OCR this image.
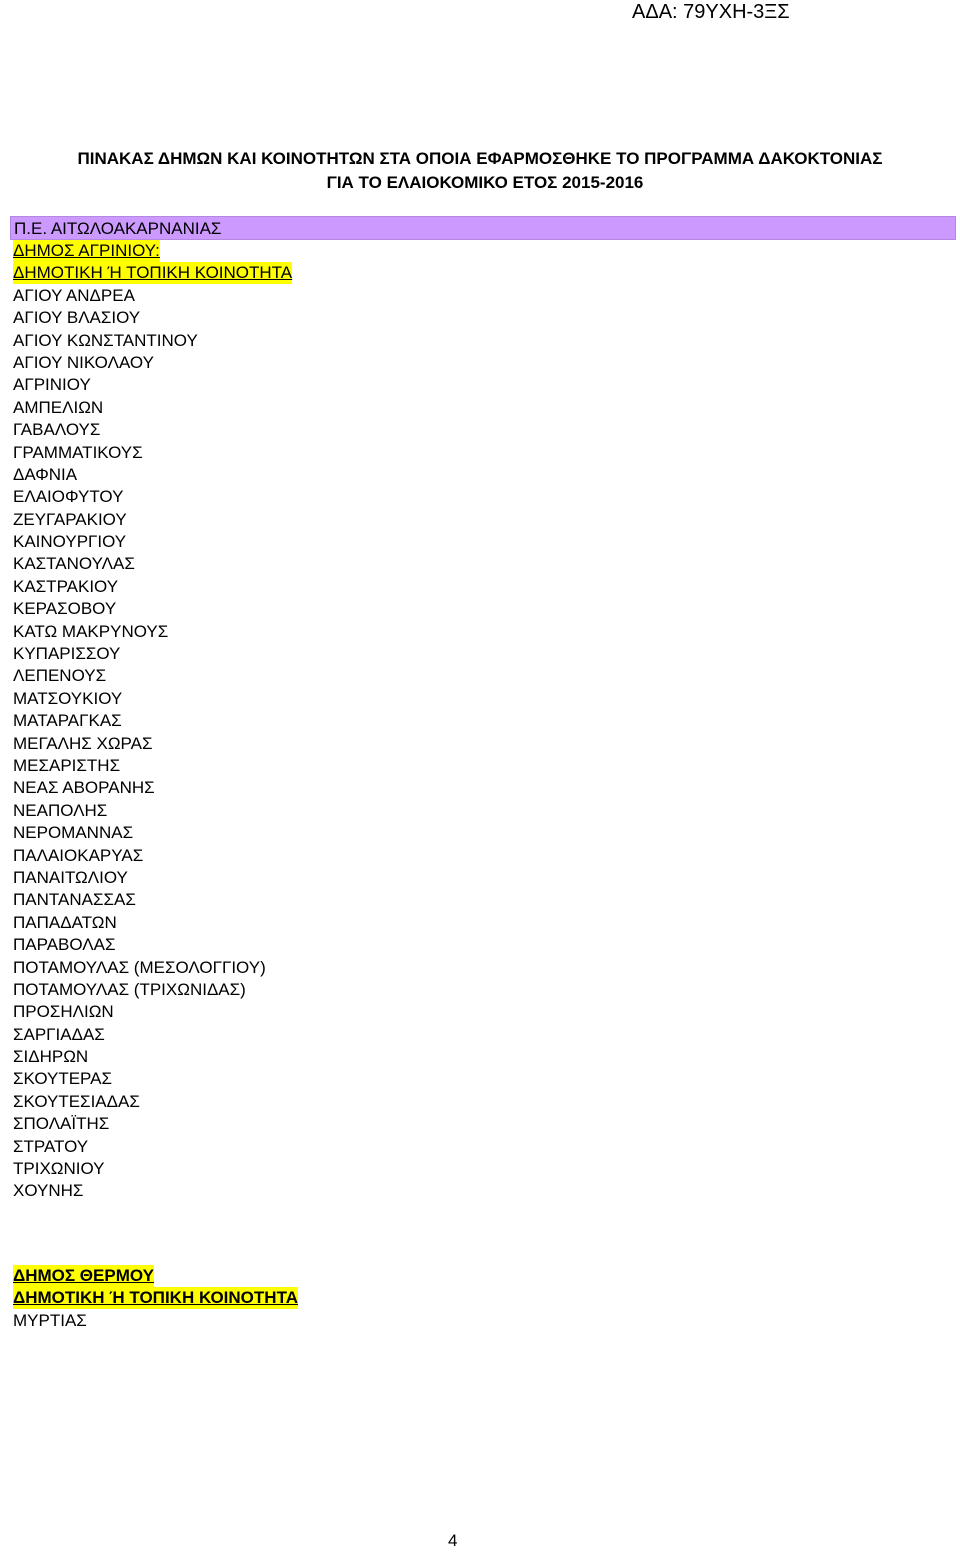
ΑΔΑ: 79ΥΧΗ-3ΞΣ
ΠΙΝΑΚΑΣ ΔΗΜΩΝ ΚΑΙ ΚΟΙΝΟΤΗΤΩΝ ΣΤΑ ΟΠΟΙΑ ΕΦΑΡΜΟΣΘΗΚΕ ΤΟ ΠΡΟΓΡΑΜΜΑ ΔΑΚΟΚΤΟΝΙΑΣ
ΓΙΑ ΤΟ ΕΛΑΙΟΚΟΜΙΚΟ ΕΤΟΣ 2015-2016
Π.Ε. ΑΙΤΩΛΟΑΚΑΡΝΑΝΙΑΣ
ΔΗΜΟΣ ΑΓΡΙΝΙΟΥ:
ΔΗΜΟΤΙΚΗ Ή ΤΟΠΙΚΗ ΚΟΙΝΟΤΗΤΑ
ΑΓΙΟΥ ΑΝΔΡΕΑ
ΑΓΙΟΥ ΒΛΑΣΙΟΥ
ΑΓΙΟΥ ΚΩΝΣΤΑΝΤΙΝΟΥ
ΑΓΙΟΥ ΝΙΚΟΛΑΟΥ
ΑΓΡΙΝΙΟΥ
ΑΜΠΕΛΙΩΝ
ΓΑΒΑΛΟΥΣ
ΓΡΑΜΜΑΤΙΚΟΥΣ
ΔΑΦΝΙΑ
ΕΛΑΙΟΦΥΤΟΥ
ΖΕΥΓΑΡΑΚΙΟΥ
ΚΑΙΝΟΥΡΓΙΟΥ
ΚΑΣΤΑΝΟΥΛΑΣ
ΚΑΣΤΡΑΚΙΟΥ
ΚΕΡΑΣΟΒΟΥ
ΚΑΤΩ ΜΑΚΡΥΝΟΥΣ
ΚΥΠΑΡΙΣΣΟΥ
ΛΕΠΕΝΟΥΣ
ΜΑΤΣΟΥΚΙΟΥ
ΜΑΤΑΡΑΓΚΑΣ
ΜΕΓΑΛΗΣ ΧΩΡΑΣ
ΜΕΣΑΡΙΣΤΗΣ
ΝΕΑΣ ΑΒΟΡΑΝΗΣ
ΝΕΑΠΟΛΗΣ
ΝΕΡΟΜΑΝΝΑΣ
ΠΑΛΑΙΟΚΑΡΥΑΣ
ΠΑΝΑΙΤΩΛΙΟΥ
ΠΑΝΤΑΝΑΣΣΑΣ
ΠΑΠΑΔΑΤΩΝ
ΠΑΡΑΒΟΛΑΣ
ΠΟΤΑΜΟΥΛΑΣ (ΜΕΣΟΛΟΓΓΙΟΥ)
ΠΟΤΑΜΟΥΛΑΣ (ΤΡΙΧΩΝΙΔΑΣ)
ΠΡΟΣΗΛΙΩΝ
ΣΑΡΓΙΑΔΑΣ
ΣΙΔΗΡΩΝ
ΣΚΟΥΤΕΡΑΣ
ΣΚΟΥΤΕΣΙΑΔΑΣ
ΣΠΟΛΑΪΤΗΣ
ΣΤΡΑΤΟΥ
ΤΡΙΧΩΝΙΟΥ
ΧΟΥΝΗΣ
ΔΗΜΟΣ ΘΕΡΜΟΥ
ΔΗΜΟΤΙΚΗ Ή ΤΟΠΙΚΗ ΚΟΙΝΟΤΗΤΑ
ΜΥΡΤΙΑΣ
4
